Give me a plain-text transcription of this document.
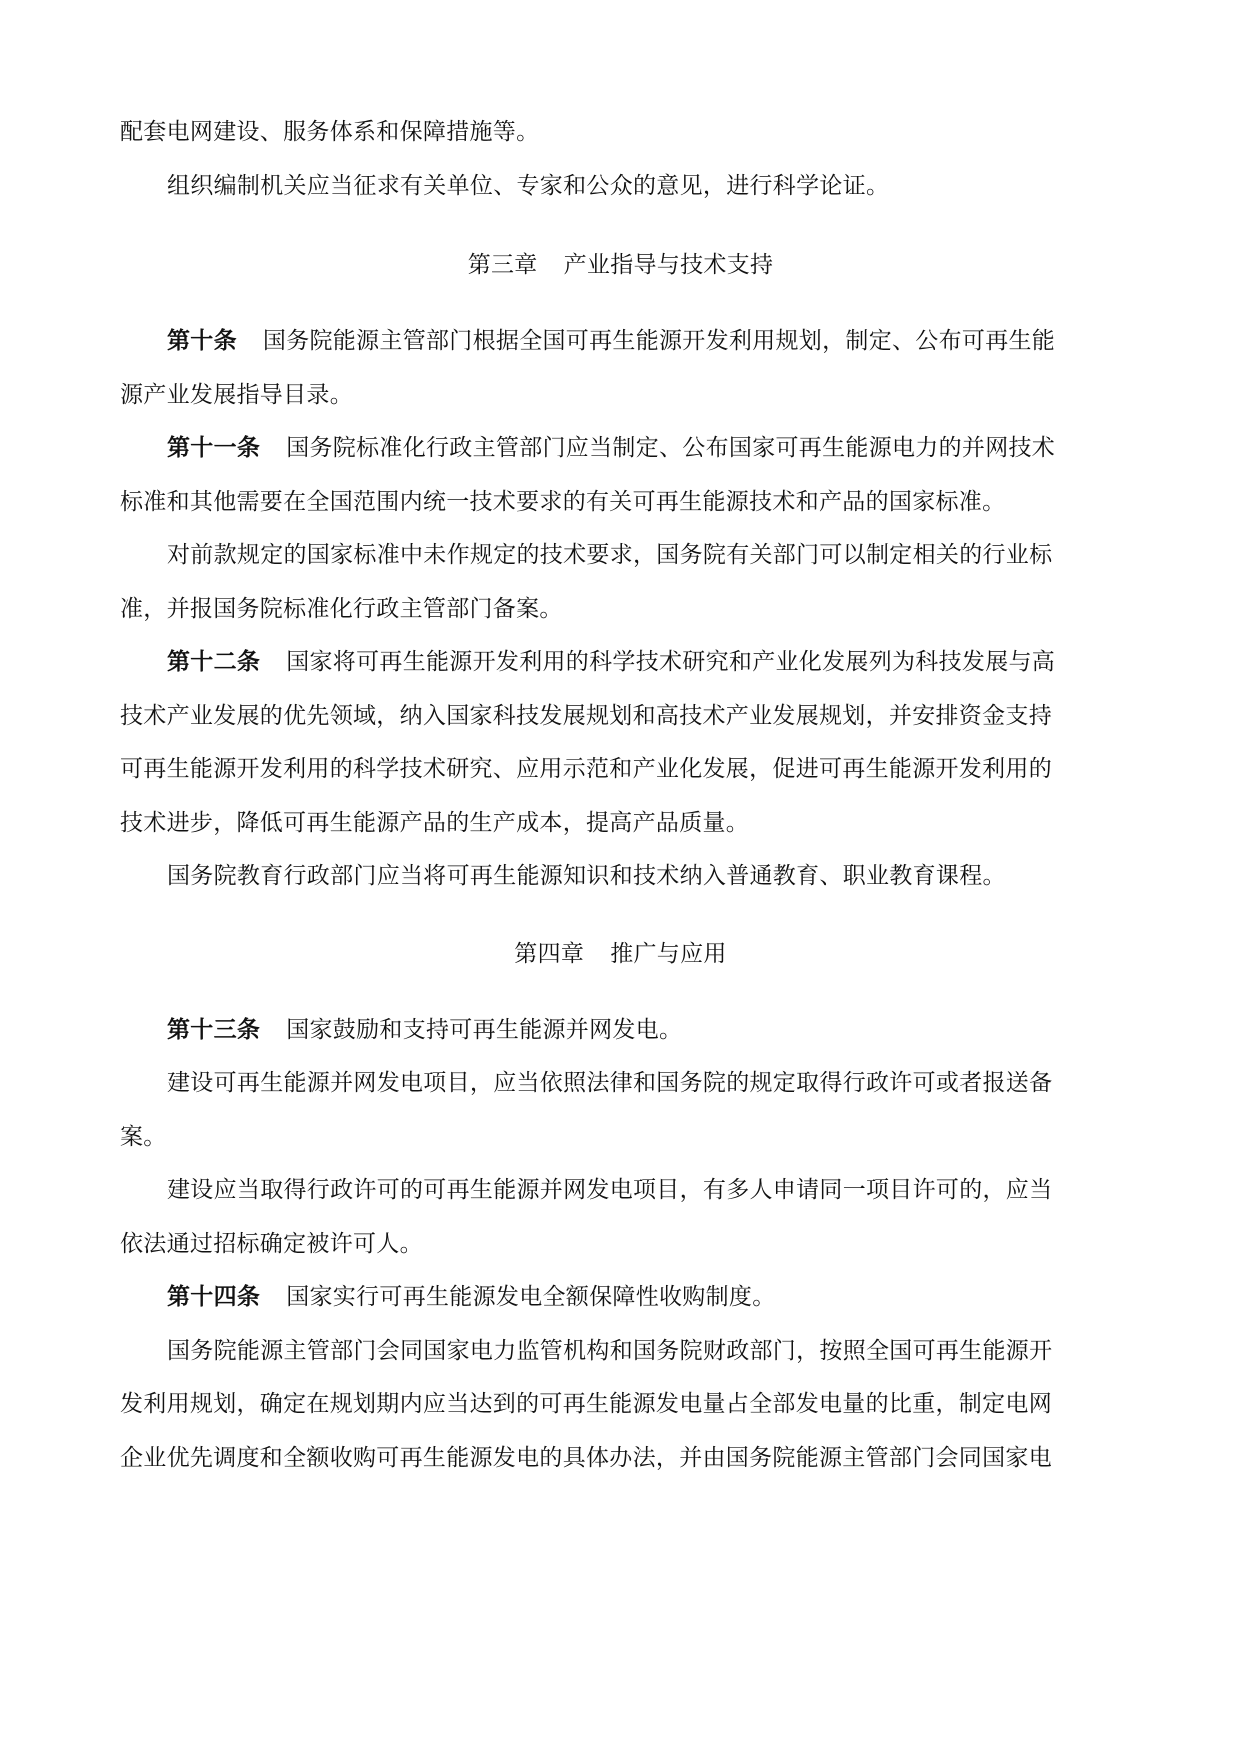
配套电网建设、服务体系和保障措施等。
组织编制机关应当征求有关单位、专家和公众的意见，进行科学论证。
第三章 产业指导与技术支持
第十条 国务院能源主管部门根据全国可再生能源开发利用规划，制定、公布可再生能
源产业发展指导目录。
第十一条 国务院标准化行政主管部门应当制定、公布国家可再生能源电力的并网技术
标准和其他需要在全国范围内统一技术要求的有关可再生能源技术和产品的国家标准。
对前款规定的国家标准中未作规定的技术要求，国务院有关部门可以制定相关的行业标
准，并报国务院标准化行政主管部门备案。
第十二条 国家将可再生能源开发利用的科学技术研究和产业化发展列为科技发展与高
技术产业发展的优先领域，纳入国家科技发展规划和高技术产业发展规划，并安排资金支持
可再生能源开发利用的科学技术研究、应用示范和产业化发展，促进可再生能源开发利用的
技术进步，降低可再生能源产品的生产成本，提高产品质量。
国务院教育行政部门应当将可再生能源知识和技术纳入普通教育、职业教育课程。
第四章 推广与应用
第十三条 国家鼓励和支持可再生能源并网发电。
建设可再生能源并网发电项目，应当依照法律和国务院的规定取得行政许可或者报送备
案。
建设应当取得行政许可的可再生能源并网发电项目，有多人申请同一项目许可的，应当
依法通过招标确定被许可人。
第十四条 国家实行可再生能源发电全额保障性收购制度。
国务院能源主管部门会同国家电力监管机构和国务院财政部门，按照全国可再生能源开
发利用规划，确定在规划期内应当达到的可再生能源发电量占全部发电量的比重，制定电网
企业优先调度和全额收购可再生能源发电的具体办法，并由国务院能源主管部门会同国家电
